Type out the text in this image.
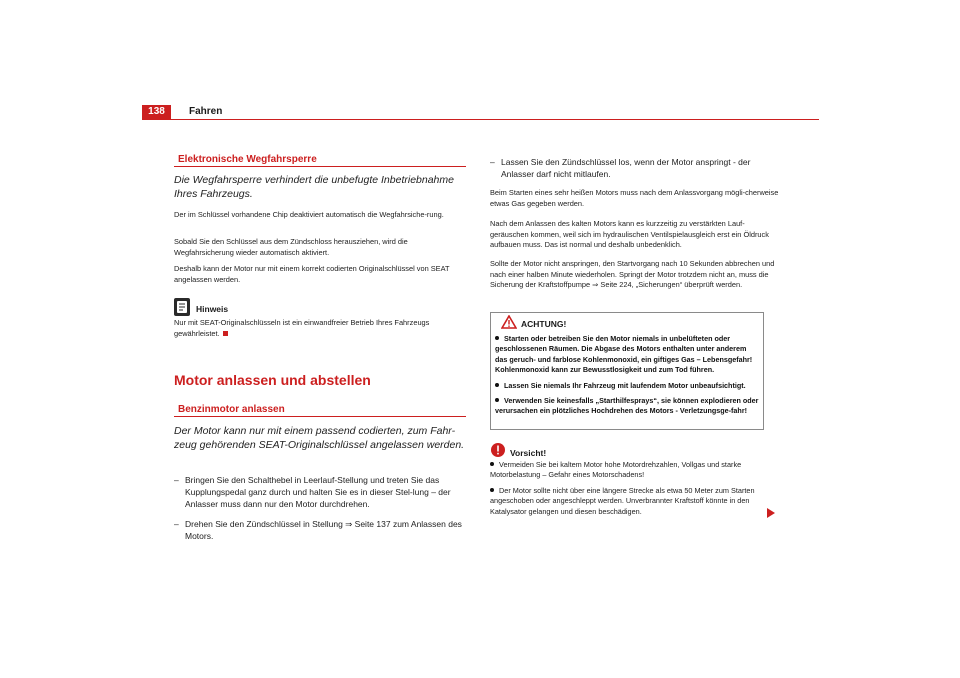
138	Fahren
Elektronische Wegfahrsperre
Die Wegfahrsperre verhindert die unbefugte Inbetriebnahme Ihres Fahrzeugs.
Der im Schlüssel vorhandene Chip deaktiviert automatisch die Wegfahrsiche-rung.
Sobald Sie den Schlüssel aus dem Zündschloss herausziehen, wird die Wegfahrsicherung wieder automatisch aktiviert.
Deshalb kann der Motor nur mit einem korrekt codierten Originalschlüssel von SEAT angelassen werden.
Hinweis
Nur mit SEAT-Originalschlüsseln ist ein einwandfreier Betrieb Ihres Fahrzeugs gewährleistet.
Motor anlassen und abstellen
Benzinmotor anlassen
Der Motor kann nur mit einem passend codierten, zum Fahr-zeug gehörenden SEAT-Originalschlüssel angelassen werden.
– Bringen Sie den Schalthebel in Leerlauf-Stellung und treten Sie das Kupplungspedal ganz durch und halten Sie es in dieser Stel-lung – der Anlasser muss dann nur den Motor durchdrehen.
– Drehen Sie den Zündschlüssel in Stellung ⇒ Seite 137 zum Anlassen des Motors.
– Lassen Sie den Zündschlüssel los, wenn der Motor anspringt - der Anlasser darf nicht mitlaufen.
Beim Starten eines sehr heißen Motors muss nach dem Anlassvorgang mögli-cherweise etwas Gas gegeben werden.
Nach dem Anlassen des kalten Motors kann es kurzzeitig zu verstärkten Lauf-geräuschen kommen, weil sich im hydraulischen Ventilspielausgleich erst ein Öldruck aufbauen muss. Das ist normal und deshalb unbedenklich.
Sollte der Motor nicht anspringen, den Startvorgang nach 10 Sekunden abbrechen und nach einer halben Minute wiederholen. Springt der Motor trotzdem nicht an, muss die Sicherung der Kraftstoffpumpe ⇒ Seite 224, „Sicherungen“ überprüft werden.
ACHTUNG!
Starten oder betreiben Sie den Motor niemals in unbelüfteten oder geschlossenen Räumen. Die Abgase des Motors enthalten unter anderem das geruch- und farblose Kohlenmonoxid, ein giftiges Gas – Lebensgefahr! Kohlenmonoxid kann zur Bewusstlosigkeit und zum Tod führen.
Lassen Sie niemals Ihr Fahrzeug mit laufendem Motor unbeaufsichtigt.
Verwenden Sie keinesfalls „Starthilfesprays“, sie können explodieren oder verursachen ein plötzliches Hochdrehen des Motors - Verletzungsge-fahr!
Vorsicht!
Vermeiden Sie bei kaltem Motor hohe Motordrehzahlen, Vollgas und starke Motorbelastung – Gefahr eines Motorschadens!
Der Motor sollte nicht über eine längere Strecke als etwa 50 Meter zum Starten angeschoben oder angeschleppt werden. Unverbrannter Kraftstoff könnte in den Katalysator gelangen und diesen beschädigen.
